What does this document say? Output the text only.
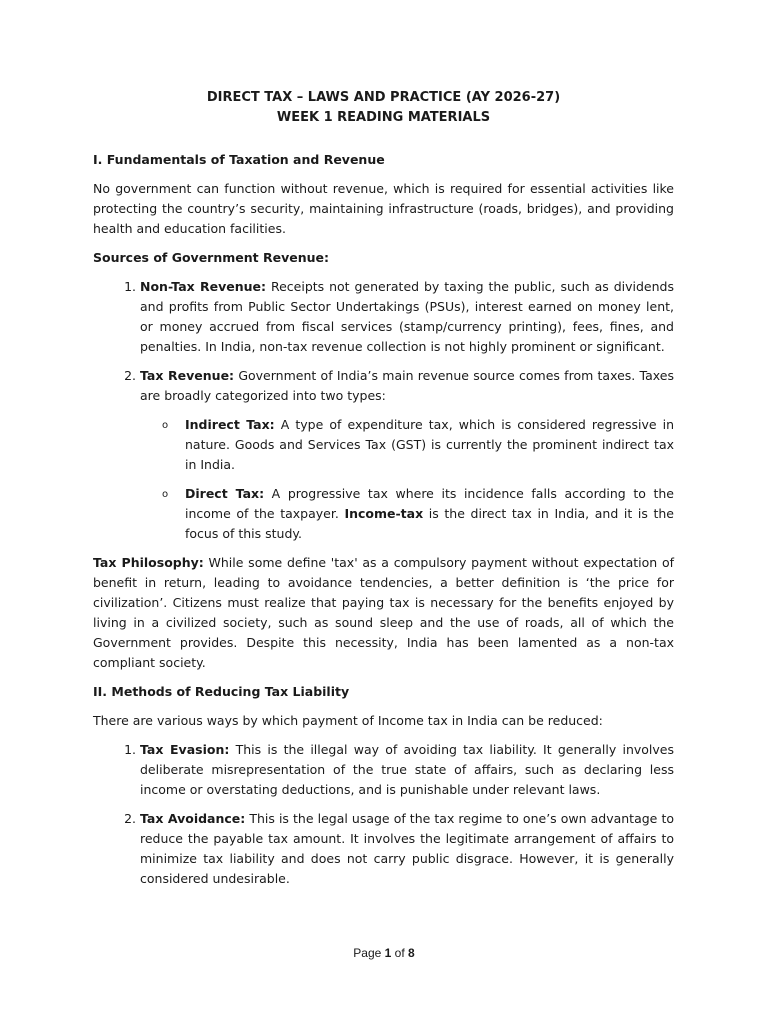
DIRECT TAX – LAWS AND PRACTICE (AY 2026-27)
WEEK 1 READING MATERIALS
I. Fundamentals of Taxation and Revenue

No government can function without revenue, which is required for essential activities like protecting the country’s security, maintaining infrastructure (roads, bridges), and providing health and education facilities.

Sources of Government Revenue:
1. Non-Tax Revenue: Receipts not generated by taxing the public, such as dividends and profits from Public Sector Undertakings (PSUs), interest earned on money lent, or money accrued from fiscal services (stamp/currency printing), fees, fines, and penalties. In India, non-tax revenue collection is not highly prominent or significant.
2. Tax Revenue: Government of India’s main revenue source comes from taxes. Taxes are broadly categorized into two types:
o Indirect Tax: A type of expenditure tax, which is considered regressive in nature. Goods and Services Tax (GST) is currently the prominent indirect tax in India.
o Direct Tax: A progressive tax where its incidence falls according to the income of the taxpayer. Income-tax is the direct tax in India, and it is the focus of this study.

Tax Philosophy: While some define 'tax' as a compulsory payment without expectation of benefit in return, leading to avoidance tendencies, a better definition is ‘the price for civilization’. Citizens must realize that paying tax is necessary for the benefits enjoyed by living in a civilized society, such as sound sleep and the use of roads, all of which the Government provides. Despite this necessity, India has been lamented as a non-tax compliant society.

II. Methods of Reducing Tax Liability

There are various ways by which payment of Income tax in India can be reduced:

1. Tax Evasion: This is the illegal way of avoiding tax liability. It generally involves deliberate misrepresentation of the true state of affairs, such as declaring less income or overstating deductions, and is punishable under relevant laws.
2. Tax Avoidance: This is the legal usage of the tax regime to one’s own advantage to reduce the payable tax amount. It involves the legitimate arrangement of affairs to minimize tax liability and does not carry public disgrace. However, it is generally considered undesirable.
Page 1 of 8
